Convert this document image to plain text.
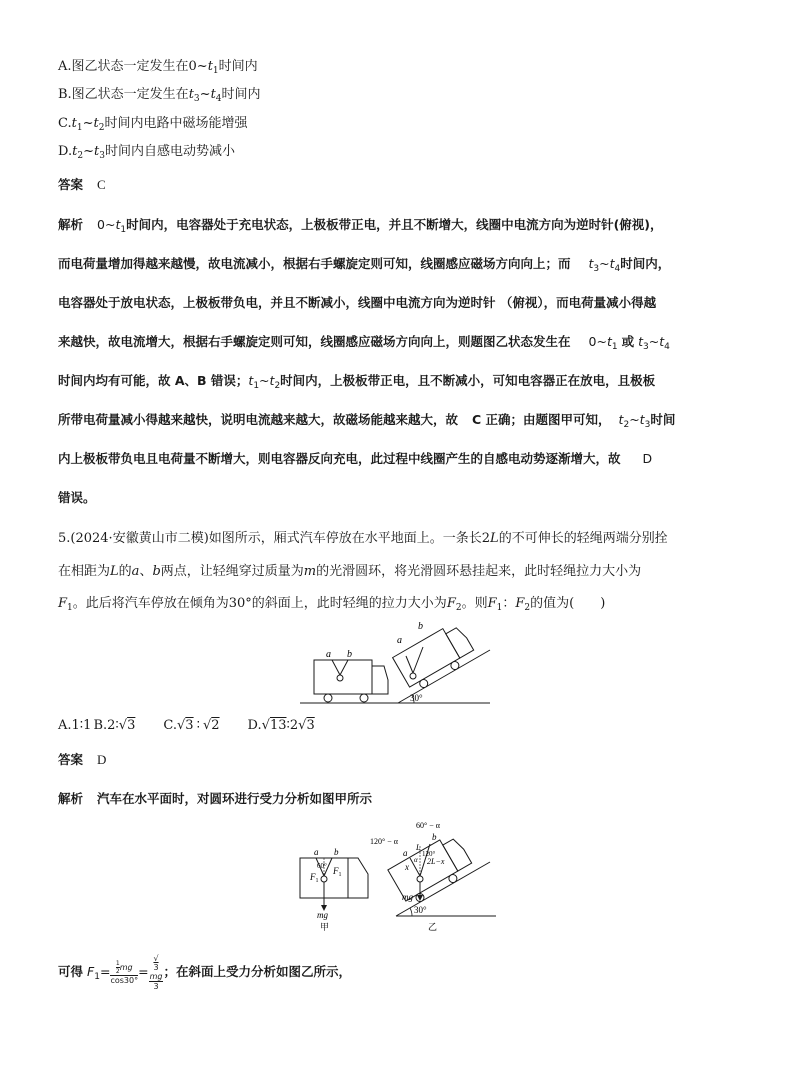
A.图乙状态一定发生在$0\sim t_1$时间内
B.图乙状态一定发生在$t_3\sim t_4$时间内
$C.t_1\sim t_2$时间内电路中磁场能增强
$D.t_2\sim t_3$时间内自感电动势减小
答案 C
解析 $0\sim t_1$时间内，电容器处于充电状态，上极板带正电，并且不断增大，线圈中电流方向为逆时针(俯视)，
而电荷量增加得越来越慢，故电流减小，根据右手螺旋定则可知，线圈感应磁场方向向上；而 $t_3\sim t_4$时间内，
电容器处于放电状态，上极板带负电，并且不断减小，线圈中电流方向为逆时针 （俯视），而电荷量减小得越
来越快，故电流增大，根据右手螺旋定则可知，线圈感应磁场方向向上，则题图乙状态发生在 $0\sim t_1$ 或 $t_3\sim t_4$
时间内均有可能，故 A、B 错误；$t_1\sim t_2$时间内，上极板带正电，且不断减小，可知电容器正在放电，且极板
所带电荷量减小得越来越快，说明电流越来越大，故磁场能越来越大，故 C 正确；由题图甲可知， $t_2\sim t_3$时间
内上极板带负电且电荷量不断增大，则电容器反向充电，此过程中线圈产生的自感电动势逐渐增大，故 D
错误。
5.(2024·安徽黄山市二模)如图所示，厢式汽车停放在水平地面上。一条长2L的不可伸长的轻绳两端分别拴
在相距为L的a、b两点，让轻绳穿过质量为m的光滑圆环，将光滑圆环悬挂起来，此时轻绳拉力大小为
$F_1$。此后将汽车停放在倾角为30°的斜面上，此时轻绳的拉力大小为$F_2$。则$F_1$：$F_2$的值为(　　)
a b
30°
a
b
A.1∶1 B.2∶√3 C.√3 ∶ √2 D.√13∶2√3
答案 D
解析 汽车在水平面时，对圆环进行受力分析如图甲所示
a b
60°
$F_1$
$F_1$
mg
甲
30°
60° − α
120° − α
a
b
L
α
x
2L−x
120°
mg
乙
可得 $F_1= \frac{\frac{1}{2} mg}{\cos 30^\circ}$ = √
3
mg
3 ；在斜面上受力分析如图乙所示，
